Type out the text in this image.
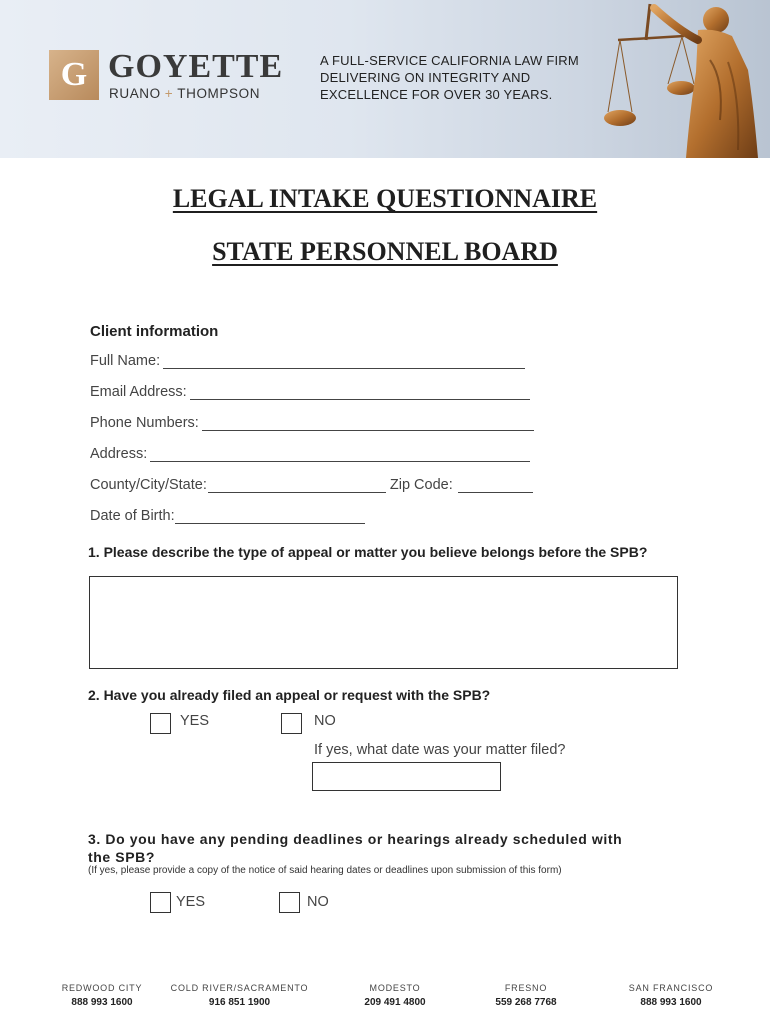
G GOYETTE
RUANO + THOMPSON
A FULL-SERVICE CALIFORNIA LAW FIRM DELIVERING ON INTEGRITY AND EXCELLENCE FOR OVER 30 YEARS.
LEGAL INTAKE QUESTIONNAIRE
STATE PERSONNEL BOARD
Client information
Full Name:
Email Address:
Phone Numbers:
Address:
County/City/State:	Zip Code:
Date of Birth:
1. Please describe the type of appeal or matter you believe belongs before the SPB?
2. Have you already filed an appeal or request with the SPB?
YES	NO
If yes, what date was your matter filed?
3. Do you have any pending deadlines or hearings already scheduled with the SPB?
(If yes, please provide a copy of the notice of said hearing dates or deadlines upon submission of this form)
YES	NO
REDWOOD CITY
888 993 1600
COLD RIVER/SACRAMENTO
916 851 1900
MODESTO
209 491 4800
FRESNO
559 268 7768
SAN FRANCISCO
888 993 1600
